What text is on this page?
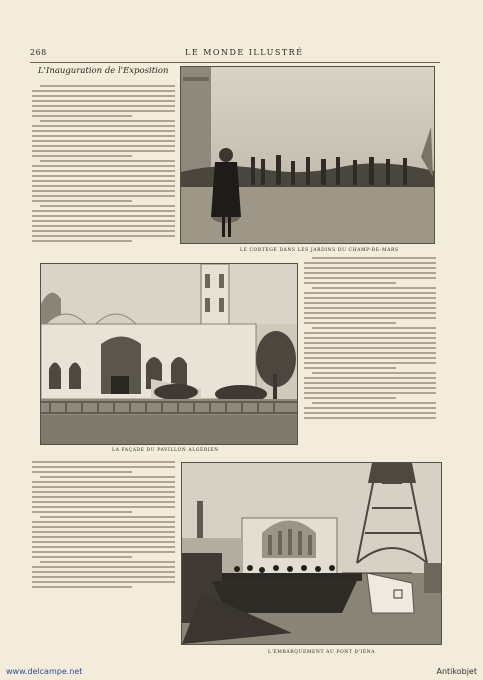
268	LE MONDE ILLUSTRÉ
L'Inauguration de l'Exposition
LE CORTÈGE DANS LES JARDINS DU CHAMP-DE-MARS
LA FAÇADE DU PAVILLON ALGÉRIEN
L'EMBARQUEMENT AU PONT D'IÉNA
www.delcampe.net	Antikobjet
